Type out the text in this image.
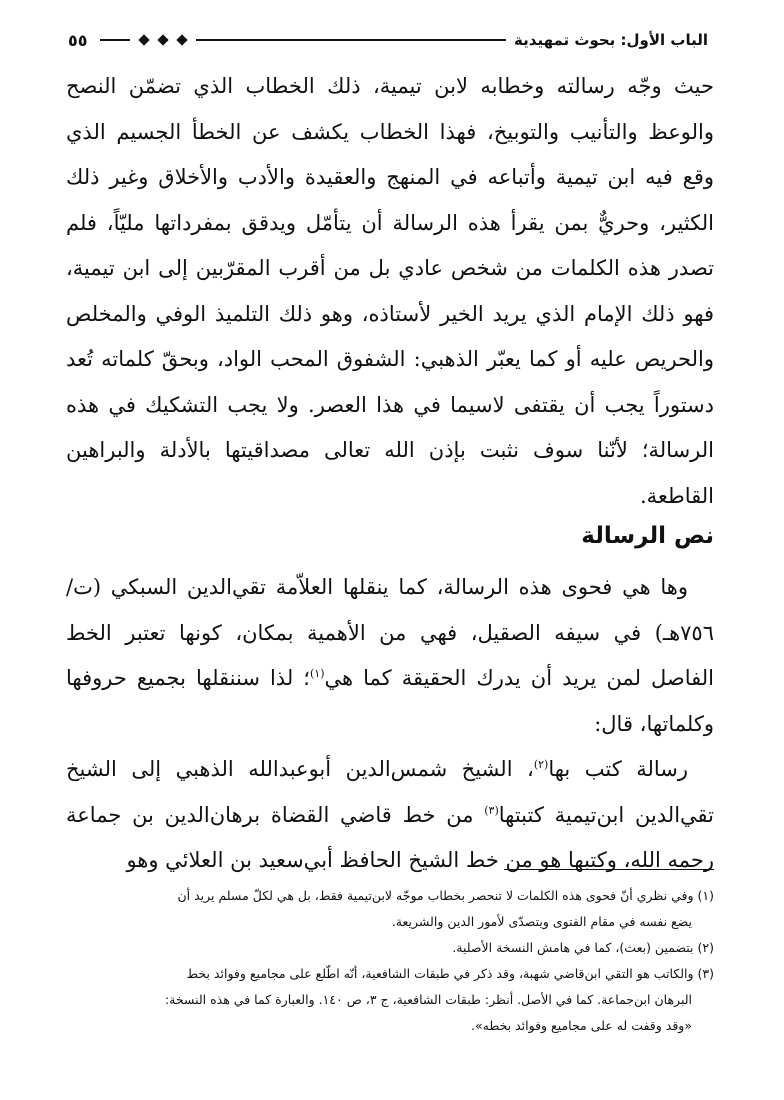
الباب الأول: بحوث تمهيدية
٥٥

حيث وجّه رسالته وخطابه لابن تيمية، ذلك الخطاب الذي تضمّن النصح والوعظ والتأنيب والتوبيخ، فهذا الخطاب يكشف عن الخطأ الجسيم الذي وقع فيه ابن تيمية وأتباعه في المنهج والعقيدة والأدب والأخلاق وغير ذلك الكثير، وحريٌّ بمن يقرأ هذه الرسالة أن يتأمّل ويدقق بمفرداتها مليّاً، فلم تصدر هذه الكلمات من شخص عادي بل من أقرب المقرّبين إلى ابن تيمية، فهو ذلك الإمام الذي يريد الخير لأستاذه، وهو ذلك التلميذ الوفي والمخلص والحريص عليه أو كما يعبّر الذهبي: الشفوق المحب الواد، وبحقّ كلماته تُعد دستوراً يجب أن يقتفى لاسيما في هذا العصر. ولا يجب التشكيك في هذه الرسالة؛ لأنّنا سوف نثبت بإذن الله تعالى مصداقيتها بالأدلة والبراهين القاطعة.

نص الرسالة

وها هي فحوى هذه الرسالة، كما ينقلها العلاّمة تقي‌الدين السبكي (ت/٧٥٦هـ) في سيفه الصقيل، فهي من الأهمية بمكان، كونها تعتبر الخط الفاصل لمن يريد أن يدرك الحقيقة كما هي$^{(١)}$؛ لذا سننقلها بجميع حروفها وكلماتها، قال:

رسالة كتب بها$^{(٢)}$، الشيخ شمس‌الدين أبوعبدالله الذهبي إلى الشيخ تقي‌الدين ابن‌تيمية كتبتها$^{(٣)}$ من خط قاضي القضاة برهان‌الدين بن جماعة رحمه الله، وكتبها هو من خط الشيخ الحافظ أبي‌سعيد بن العلائي وهو

(١) وفي نظري أنّ فحوى هذه الكلمات لا تنحصر بخطاب موجّه لابن‌تيمية فقط، بل هي لكلّ مسلم يريد أن

يضع نفسه في مقام الفتوى ويتصدّى لأمور الدين والشريعة.

(٢) بتضمين (بعث)، كما في هامش النسخة الأصلية.

(٣) والكاتب هو التقي ابن‌قاضي شهبة، وقد ذكر في طبقات الشافعية، أنّه اطّلع على مجاميع وفوائد بخط

البرهان ابن‌جماعة. كما في الأصل. أنظر: طبقات الشافعية، ج ٣، ص ١٤٠. والعبارة كما في هذه النسخة:

«وقد وقفت له على مجاميع وفوائد بخطه».
